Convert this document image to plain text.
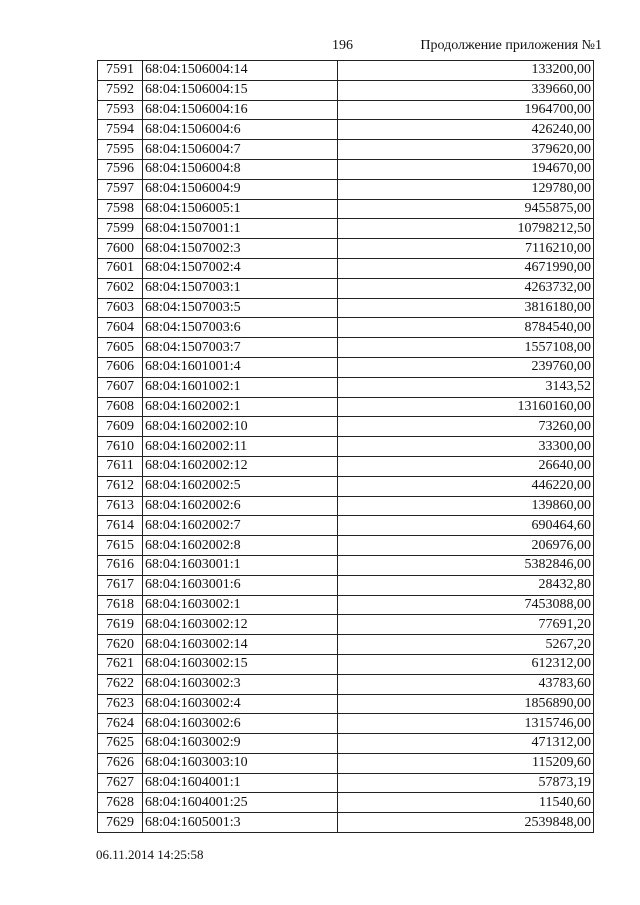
196	Продолжение приложения №1
7591	68:04:1506004:14	133200,00
7592	68:04:1506004:15	339660,00
7593	68:04:1506004:16	1964700,00
7594	68:04:1506004:6	426240,00
7595	68:04:1506004:7	379620,00
7596	68:04:1506004:8	194670,00
7597	68:04:1506004:9	129780,00
7598	68:04:1506005:1	9455875,00
7599	68:04:1507001:1	10798212,50
7600	68:04:1507002:3	7116210,00
7601	68:04:1507002:4	4671990,00
7602	68:04:1507003:1	4263732,00
7603	68:04:1507003:5	3816180,00
7604	68:04:1507003:6	8784540,00
7605	68:04:1507003:7	1557108,00
7606	68:04:1601001:4	239760,00
7607	68:04:1601002:1	3143,52
7608	68:04:1602002:1	13160160,00
7609	68:04:1602002:10	73260,00
7610	68:04:1602002:11	33300,00
7611	68:04:1602002:12	26640,00
7612	68:04:1602002:5	446220,00
7613	68:04:1602002:6	139860,00
7614	68:04:1602002:7	690464,60
7615	68:04:1602002:8	206976,00
7616	68:04:1603001:1	5382846,00
7617	68:04:1603001:6	28432,80
7618	68:04:1603002:1	7453088,00
7619	68:04:1603002:12	77691,20
7620	68:04:1603002:14	5267,20
7621	68:04:1603002:15	612312,00
7622	68:04:1603002:3	43783,60
7623	68:04:1603002:4	1856890,00
7624	68:04:1603002:6	1315746,00
7625	68:04:1603002:9	471312,00
7626	68:04:1603003:10	115209,60
7627	68:04:1604001:1	57873,19
7628	68:04:1604001:25	11540,60
7629	68:04:1605001:3	2539848,00
06.11.2014 14:25:58
